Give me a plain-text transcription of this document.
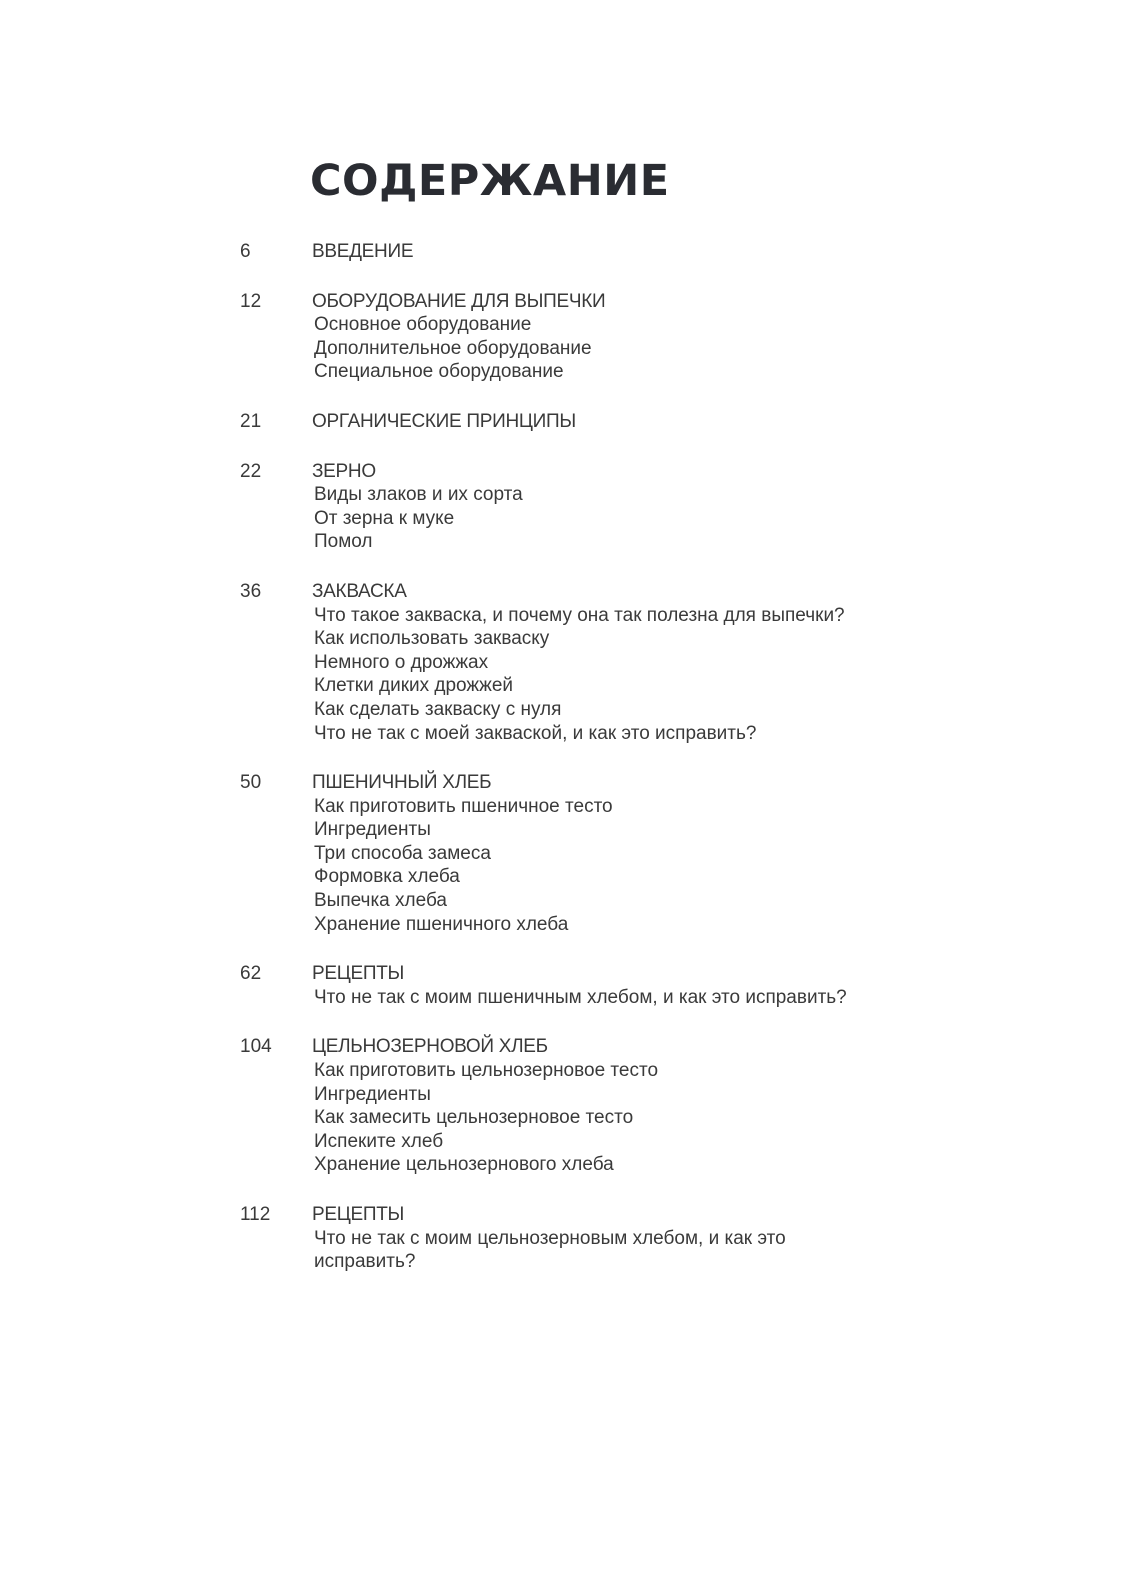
СОДЕРЖАНИЕ
6	ВВЕДЕНИЕ
12	ОБОРУДОВАНИЕ ДЛЯ ВЫПЕЧКИ
Основное оборудование
Дополнительное оборудование
Специальное оборудование
21	ОРГАНИЧЕСКИЕ ПРИНЦИПЫ
22	ЗЕРНО
Виды злаков и их сорта
От зерна к муке
Помол
36	ЗАКВАСКА
Что такое закваска, и почему она так полезна для выпечки?
Как использовать закваску
Немного о дрожжах
Клетки диких дрожжей
Как сделать закваску с нуля
Что не так с моей закваской, и как это исправить?
50	ПШЕНИЧНЫЙ ХЛЕБ
Как приготовить пшеничное тесто
Ингредиенты
Три способа замеса
Формовка хлеба
Выпечка хлеба
Хранение пшеничного хлеба
62	РЕЦЕПТЫ
Что не так с моим пшеничным хлебом, и как это исправить?
104	ЦЕЛЬНОЗЕРНОВОЙ ХЛЕБ
Как приготовить цельнозерновое тесто
Ингредиенты
Как замесить цельнозерновое тесто
Испеките хлеб
Хранение цельнозернового хлеба
112	РЕЦЕПТЫ
Что не так с моим цельнозерновым хлебом, и как это исправить?
